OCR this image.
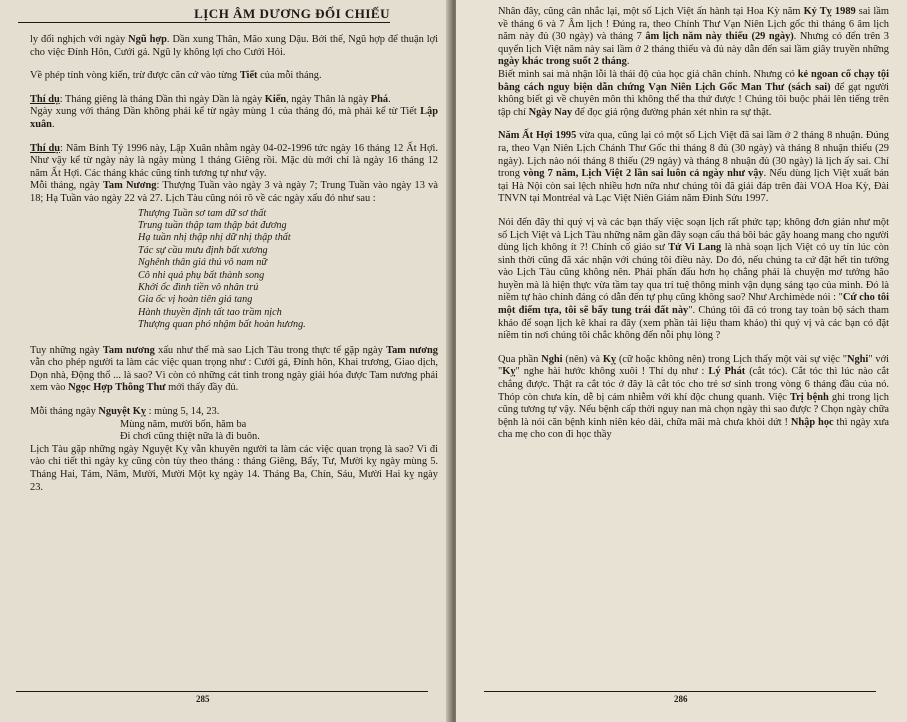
LỊCH ÂM DƯƠNG ĐỐI CHIẾU

ly đối nghịch với ngày Ngũ hợp. Dần xung Thân, Mão xung Dậu. Bởi thế, Ngũ hợp để thuận lợi cho việc Đính Hôn, Cưới gả. Ngũ ly không lợi cho Cưới Hỏi.

Về phép tính vòng kiến, trừ được căn cứ vào từng Tiết của mỗi tháng.

Thí dụ: Tháng giêng là tháng Dần thì ngày Dần là ngày Kiến, ngày Thân là ngày Phá.

Ngày xung với tháng Dần không phải kể từ ngày mùng 1 của tháng đó, mà phải kể từ Tiết Lập xuân.

Thí dụ: Năm Bính Tý 1996 này, Lập Xuân nhằm ngày 04-02-1996 tức ngày 16 tháng 12 Ất Hợi. Như vậy kể từ ngày này là ngày mùng 1 tháng Giêng rồi. Mặc dù mới chỉ là ngày 16 tháng 12 năm Ất Hợi. Các tháng khác cũng tính tương tự như vậy.

Mỗi tháng, ngày Tam Nương: Thượng Tuần vào ngày 3 và ngày 7; Trung Tuần vào ngày 13 và 18; Hạ Tuần vào ngày 22 và 27. Lịch Tàu cũng nói rõ về các ngày xấu đó như sau :

Thượng Tuần sơ tam dữ sơ thất
Trung tuần thập tam thập bát đương
Hạ tuần nhị thập nhị dữ nhị thập thất
Tác sự cầu mưu định bất xương
Nghênh thân giá thú vô nam nữ
Cô nhi quả phụ bất thành song
Khởi ốc đình tiền vô nhân trú
Gia ốc vị hoàn tiên giá tang
Hành thuyền định tất tao trầm nịch
Thượng quan phó nhậm bất hoàn hương.

Tuy những ngày Tam nương xấu như thế mà sao Lịch Tàu trong thực tế gặp ngày Tam nương vẫn cho phép người ta làm các việc quan trọng như : Cưới gả, Đính hôn, Khai trương, Giao dịch, Dọn nhà, Động thổ ... là sao? Vì còn có những cát tinh trong ngày giải hóa được Tam nương phải xem vào Ngọc Hợp Thông Thư mới thấy đầy đủ.

Mỗi tháng ngày Nguyệt Kỵ : mùng 5, 14, 23.

Mùng năm, mười bốn, hăm ba
Đi chơi cũng thiệt nữa là đi buôn.

Lịch Tàu gặp những ngày Nguyệt Kỵ vẫn khuyên người ta làm các việc quan trọng là sao? Vì đi vào chi tiết thì ngày kỵ cũng còn tùy theo tháng : tháng Giêng, Bẩy, Tư, Mười kỵ ngày mùng 5. Tháng Hai, Tám, Năm, Mười, Mười Một kỵ ngày 14. Tháng Ba, Chín, Sáu, Mười Hai kỵ ngày 23.

285

Nhân đây, cũng cân nhắc lại, một số Lịch Việt ấn hành tại Hoa Kỳ năm Kỷ Tỵ 1989 sai lầm về tháng 6 và 7 Âm lịch ! Đúng ra, theo Chính Thư Vạn Niên Lịch gốc thì tháng 6 âm lịch năm này đủ (30 ngày) và tháng 7 âm lịch năm này thiếu (29 ngày). Nhưng có đến trên 3 quyển lịch Việt năm này sai lầm ở 2 tháng thiếu và đủ này dẫn đến sai lầm giây truyền những ngày khác trong suốt 2 tháng.

Biết mình sai mà nhận lỗi là thái độ của học giả chân chính. Nhưng có kẻ ngoan cố chạy tội bằng cách nguy biện dẫn chứng Vạn Niên Lịch Gốc Man Thư (sách sai) để gạt người không biết gì về chuyên môn thì không thể tha thứ được ! Chúng tôi buộc phải lên tiếng trên tập chí Ngày Nay để đọc giả rộng đường phán xét nhìn ra sự thật.

Năm Ất Hợi 1995 vừa qua, cũng lại có một số Lịch Việt đã sai lầm ở 2 tháng 8 nhuận. Đúng ra, theo Vạn Niên Lịch Chánh Thư Gốc thì tháng 8 đủ (30 ngày) và tháng 8 nhuận thiếu (29 ngày). Lịch nào nói tháng 8 thiếu (29 ngày) và tháng 8 nhuận đủ (30 ngày) là lịch ấy sai. Chỉ trong vòng 7 năm, Lịch Việt 2 lần sai luôn cả ngày như vậy. Nếu dùng lịch Việt xuất bản tại Hà Nội còn sai lệch nhiều hơn nữa như chúng tôi đã giải đáp trên đài VOA Hoa Kỳ, Đài TNVN tại Montréal và Lạc Việt Niên Giám năm Đinh Sửu 1997.

Nói đến đây thì quý vị và các bạn thấy việc soạn lịch rất phức tạp; không đơn giản như một số Lịch Việt và Lịch Tàu những năm gần đây soạn cẩu thả bôi bác gây hoang mang cho người dùng lịch không ít ?! Chính cố giáo sư Tử Vi Lang là nhà soạn lịch Việt có uy tín lúc còn sinh thời cũng đã xác nhận với chúng tôi điều này. Do đó, nếu chúng ta cứ đặt hết tin tưởng vào Lịch Tàu cũng không nên. Phải phấn đấu hơn họ chẳng phải là chuyện mơ tưởng hão huyền mà là hiện thực vừa tầm tay qua trí tuệ thông minh vận dụng sáng tạo của mình. Đó là niềm tự hào chính đáng có dẫn đến tự phụ cũng không sao? Như Archimède nói : "Cứ cho tôi một điểm tựa, tôi sẽ bẩy tung trái đất này". Chúng tôi đã có trong tay toàn bộ sách tham khảo để soạn lịch kê khai ra đây (xem phần tài liệu tham khảo) thì quý vị và các bạn có đặt niềm tin nơi chúng tôi chắc không đến nỗi phụ lòng ?

Qua phần Nghi (nên) và Kỵ (cữ hoặc không nên) trong Lịch thấy một vài sự việc "Nghi" với "Kỵ" nghe hài hước không xuôi ! Thí dụ như : Lý Phát (cắt tóc). Cắt tóc thì lúc nào cắt chẳng được. Thật ra cắt tóc ở đây là cắt tóc cho trẻ sơ sinh trong vòng 6 tháng đầu của nó. Thóp còn chưa kín, dễ bị cảm nhiễm với khí độc chung quanh. Việc Trị bệnh ghi trong lịch cũng tương tự vậy. Nếu bệnh cấp thời nguy nan mà chọn ngày thì sao được ? Chọn ngày chữa bệnh là nói căn bệnh kinh niên kéo dài, chữa mãi mà chưa khỏi dứt ! Nhập học thì ngày xưa cha mẹ cho con đi học thầy

286
